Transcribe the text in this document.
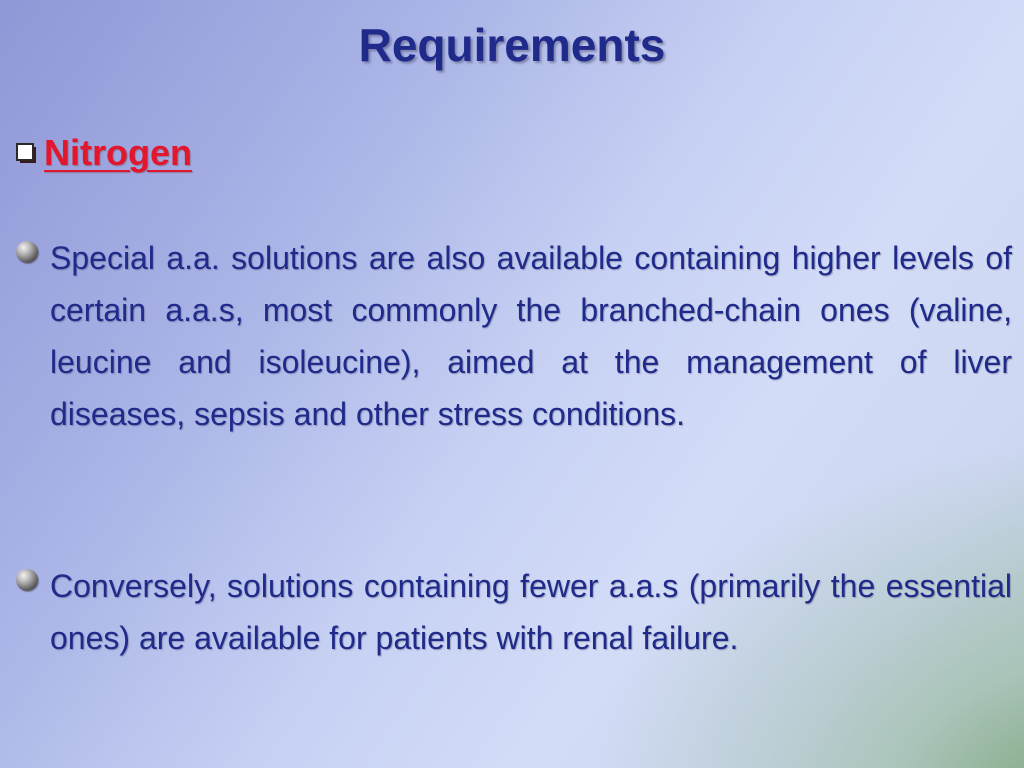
Requirements
Nitrogen
Special a.a. solutions are also available containing higher levels of certain a.a.s, most commonly the branched-chain ones (valine, leucine and isoleucine), aimed at the management of liver diseases, sepsis and other stress conditions.
Conversely, solutions containing fewer a.a.s (primarily the essential ones) are available for patients with renal failure.
